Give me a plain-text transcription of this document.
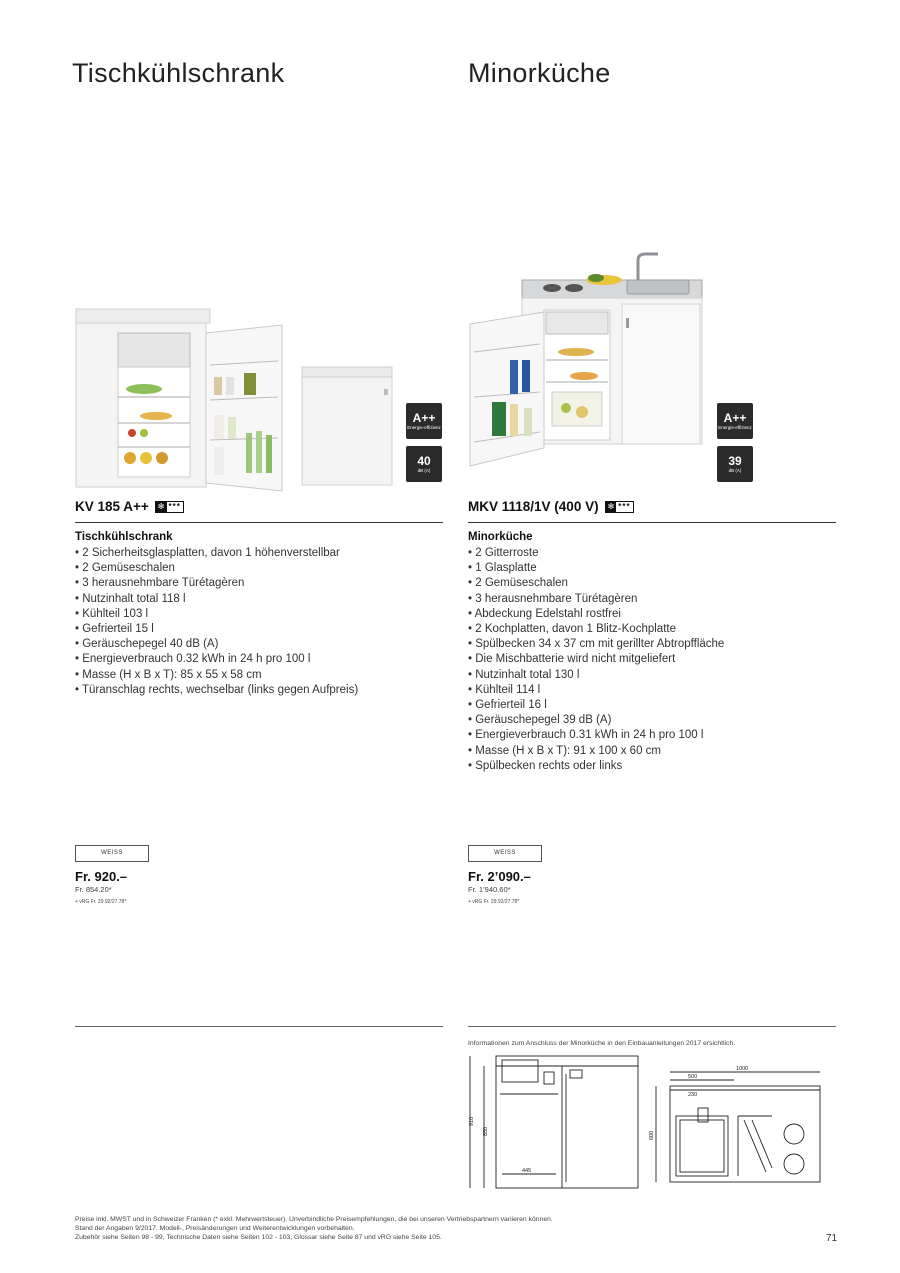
Tischkühlschrank
A++
Energie-effizienz
40
dB (A)
KV 185 A++ ✻ ***
Tischkühlschrank
• 2 Sicherheitsglasplatten, davon 1 höhenverstellbar
• 2 Gemüseschalen
• 3 herausnehmbare Türétagèren
• Nutzinhalt total 118 l
• Kühlteil 103 l
• Gefrierteil 15 l
• Geräuschepegel 40 dB (A)
• Energieverbrauch 0.32 kWh in 24 h pro 100 l
• Masse (H x B x T): 85 x 55 x 58 cm
• Türanschlag rechts, wechselbar (links gegen Aufpreis)
WEISS
Fr. 920.–
Fr. 854.20*
+ vRG Fr. 29.92/27.78*
Minorküche
A++
Energie-effizienz
39
dB (A)
MKV 1118/1V (400 V) ✻ ***
Minorküche
• 2 Gitterroste
• 1 Glasplatte
• 2 Gemüseschalen
• 3 herausnehmbare Türétagèren
• Abdeckung Edelstahl rostfrei
• 2 Kochplatten, davon 1 Blitz-Kochplatte
• Spülbecken 34 x 37 cm mit gerillter Abtropffläche
• Die Mischbatterie wird nicht mitgeliefert
• Nutzinhalt total 130 l
• Kühlteil 114 l
• Gefrierteil 16 l
• Geräuschepegel 39 dB (A)
• Energieverbrauch 0.31 kWh in 24 h pro 100 l
• Masse (H x B x T): 91 x 100 x 60 cm
• Spülbecken rechts oder links
WEISS
Fr. 2’090.–
Fr. 1’940.60*
+ vRG Fr. 29.92/27.78*
Informationen zum Anschluss der Minorküche in den Einbauanleitungen 2017 ersichtlich.
910
850
445
1000
500
230
600
Preise inkl. MWST und in Schweizer Franken (* exkl. Mehrwertsteuer). Unverbindliche Preisempfehlungen, die bei unseren Vertriebspartnern variieren können.
Stand der Angaben 9/2017. Modell-, Preisänderungen und Weiterentwicklungen vorbehalten.
Zubehör siehe Seiten 98 - 99, Technische Daten siehe Seiten 102 - 103, Glossar siehe Seite 87 und vRG siehe Seite 105.	71
